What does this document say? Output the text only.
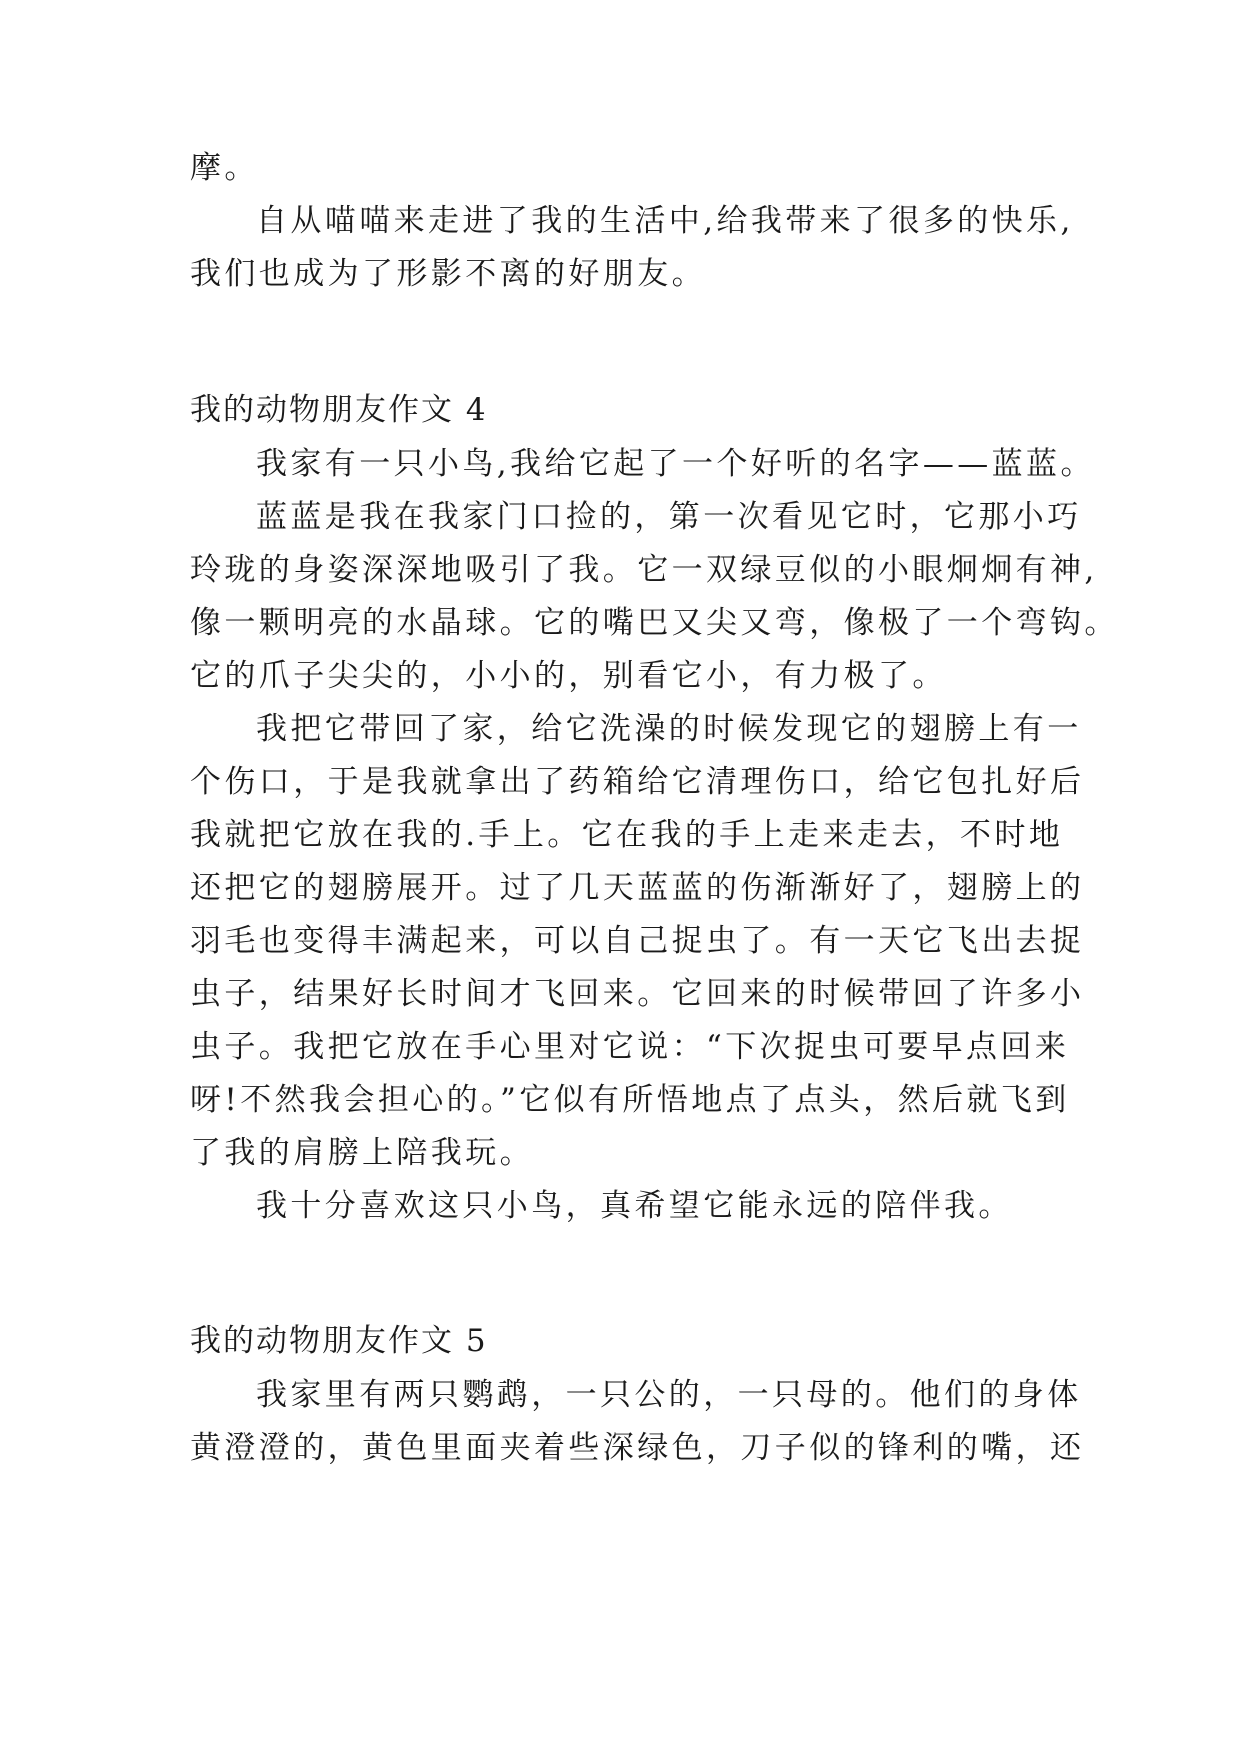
摩。
自从喵喵来走进了我的生活中,给我带来了很多的快乐,
我们也成为了形影不离的好朋友。
我的动物朋友作文 4
我家有一只小鸟,我给它起了一个好听的名字——蓝蓝。
蓝蓝是我在我家门口捡的，第一次看见它时，它那小巧
玲珑的身姿深深地吸引了我。它一双绿豆似的小眼炯炯有神,
像一颗明亮的水晶球。它的嘴巴又尖又弯，像极了一个弯钩。
它的爪子尖尖的，小小的，别看它小，有力极了。
我把它带回了家，给它洗澡的时候发现它的翅膀上有一
个伤口，于是我就拿出了药箱给它清理伤口，给它包扎好后
我就把它放在我的.手上。它在我的手上走来走去，不时地
还把它的翅膀展开。过了几天蓝蓝的伤渐渐好了，翅膀上的
羽毛也变得丰满起来，可以自己捉虫了。有一天它飞出去捉
虫子，结果好长时间才飞回来。它回来的时候带回了许多小
虫子。我把它放在手心里对它说：“下次捉虫可要早点回来
呀!不然我会担心的。”它似有所悟地点了点头，然后就飞到
了我的肩膀上陪我玩。
我十分喜欢这只小鸟，真希望它能永远的陪伴我。
我的动物朋友作文 5
我家里有两只鹦鹉，一只公的，一只母的。他们的身体
黄澄澄的，黄色里面夹着些深绿色，刀子似的锋利的嘴，还
